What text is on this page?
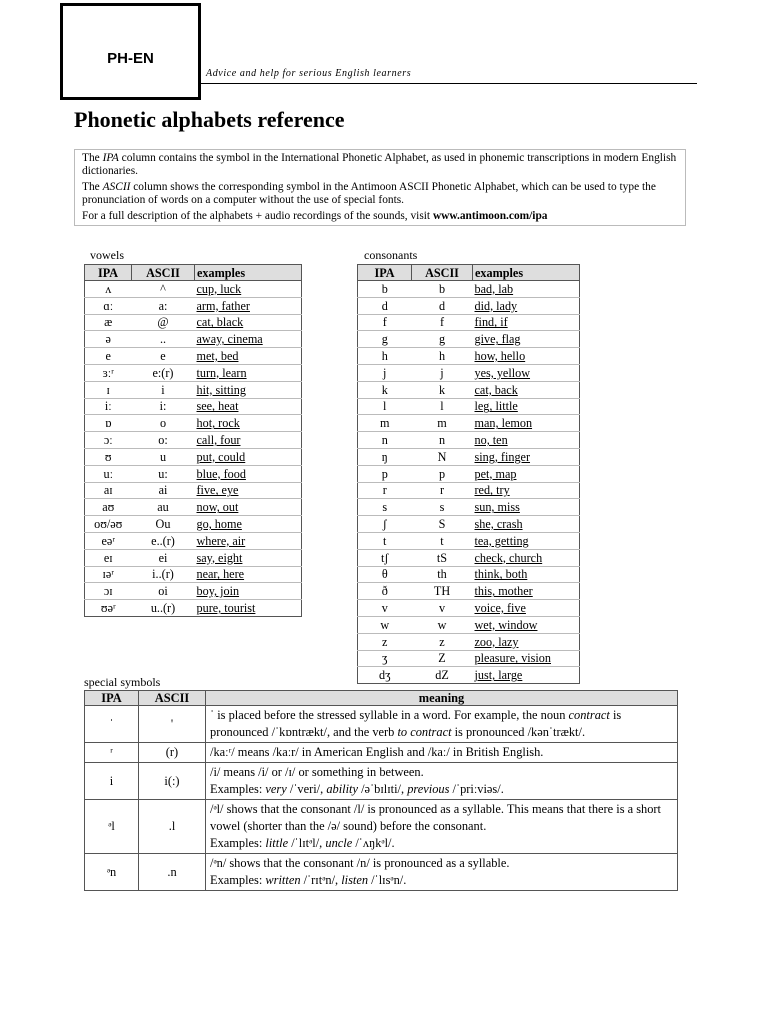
PH-EN
Advice and help for serious English learners
Phonetic alphabets reference

The IPA column contains the symbol in the International Phonetic Alphabet, as used in phonemic transcriptions in modern English dictionaries.

The ASCII column shows the corresponding symbol in the Antimoon ASCII Phonetic Alphabet, which can be used to type the pronunciation of words on a computer without the use of special fonts.

For a full description of the alphabets + audio recordings of the sounds, visit www.antimoon.com/ipa

vowels
IPA	ASCII	examples
ʌ	^	cup, luck
ɑː	a:	arm, father
æ	@	cat, black
ə	..	away, cinema
e	e	met, bed
ɜːʳ	e:(r)	turn, learn
ɪ	i	hit, sitting
iː	i:	see, heat
ɒ	o	hot, rock
ɔː	o:	call, four
ʊ	u	put, could
uː	u:	blue, food
aɪ	ai	five, eye
aʊ	au	now, out
oʊ/əʊ	Ou	go, home
eəʳ	e..(r)	where, air
eɪ	ei	say, eight
ɪəʳ	i..(r)	near, here
ɔɪ	oi	boy, join
ʊəʳ	u..(r)	pure, tourist
consonants
IPA	ASCII	examples
b	b	bad, lab
d	d	did, lady
f	f	find, if
g	g	give, flag
h	h	how, hello
j	j	yes, yellow
k	k	cat, back
l	l	leg, little
m	m	man, lemon
n	n	no, ten
ŋ	N	sing, finger
p	p	pet, map
r	r	red, try
s	s	sun, miss
ʃ	S	she, crash
t	t	tea, getting
tʃ	tS	check, church
θ	th	think, both
ð	TH	this, mother
v	v	voice, five
w	w	wet, window
z	z	zoo, lazy
ʒ	Z	pleasure, vision
dʒ	dZ	just, large
special symbols
IPA	ASCII	meaning
ˈ	'	ˈ is placed before the stressed syllable in a word. For example, the noun contract is pronounced /ˈkɒntrækt/, and the verb to contract is pronounced /kənˈtrækt/.
ʳ	(r)	/kaːʳ/ means /kaːr/ in American English and /kaː/ in British English.
i	i(:)	/i/ means /i/ or /ɪ/ or something in between.
Examples: very /ˈveri/, ability /əˈbɪlɪti/, previous /ˈpriːviəs/.
ᵊl	.l	/ᵊl/ shows that the consonant /l/ is pronounced as a syllable. This means that there is a short vowel (shorter than the /ə/ sound) before the consonant.
Examples: little /ˈlɪtᵊl/, uncle /ˈʌŋkᵊl/.
ᵊn	.n	/ᵊn/ shows that the consonant /n/ is pronounced as a syllable.
Examples: written /ˈrɪtᵊn/, listen /ˈlɪsᵊn/.
